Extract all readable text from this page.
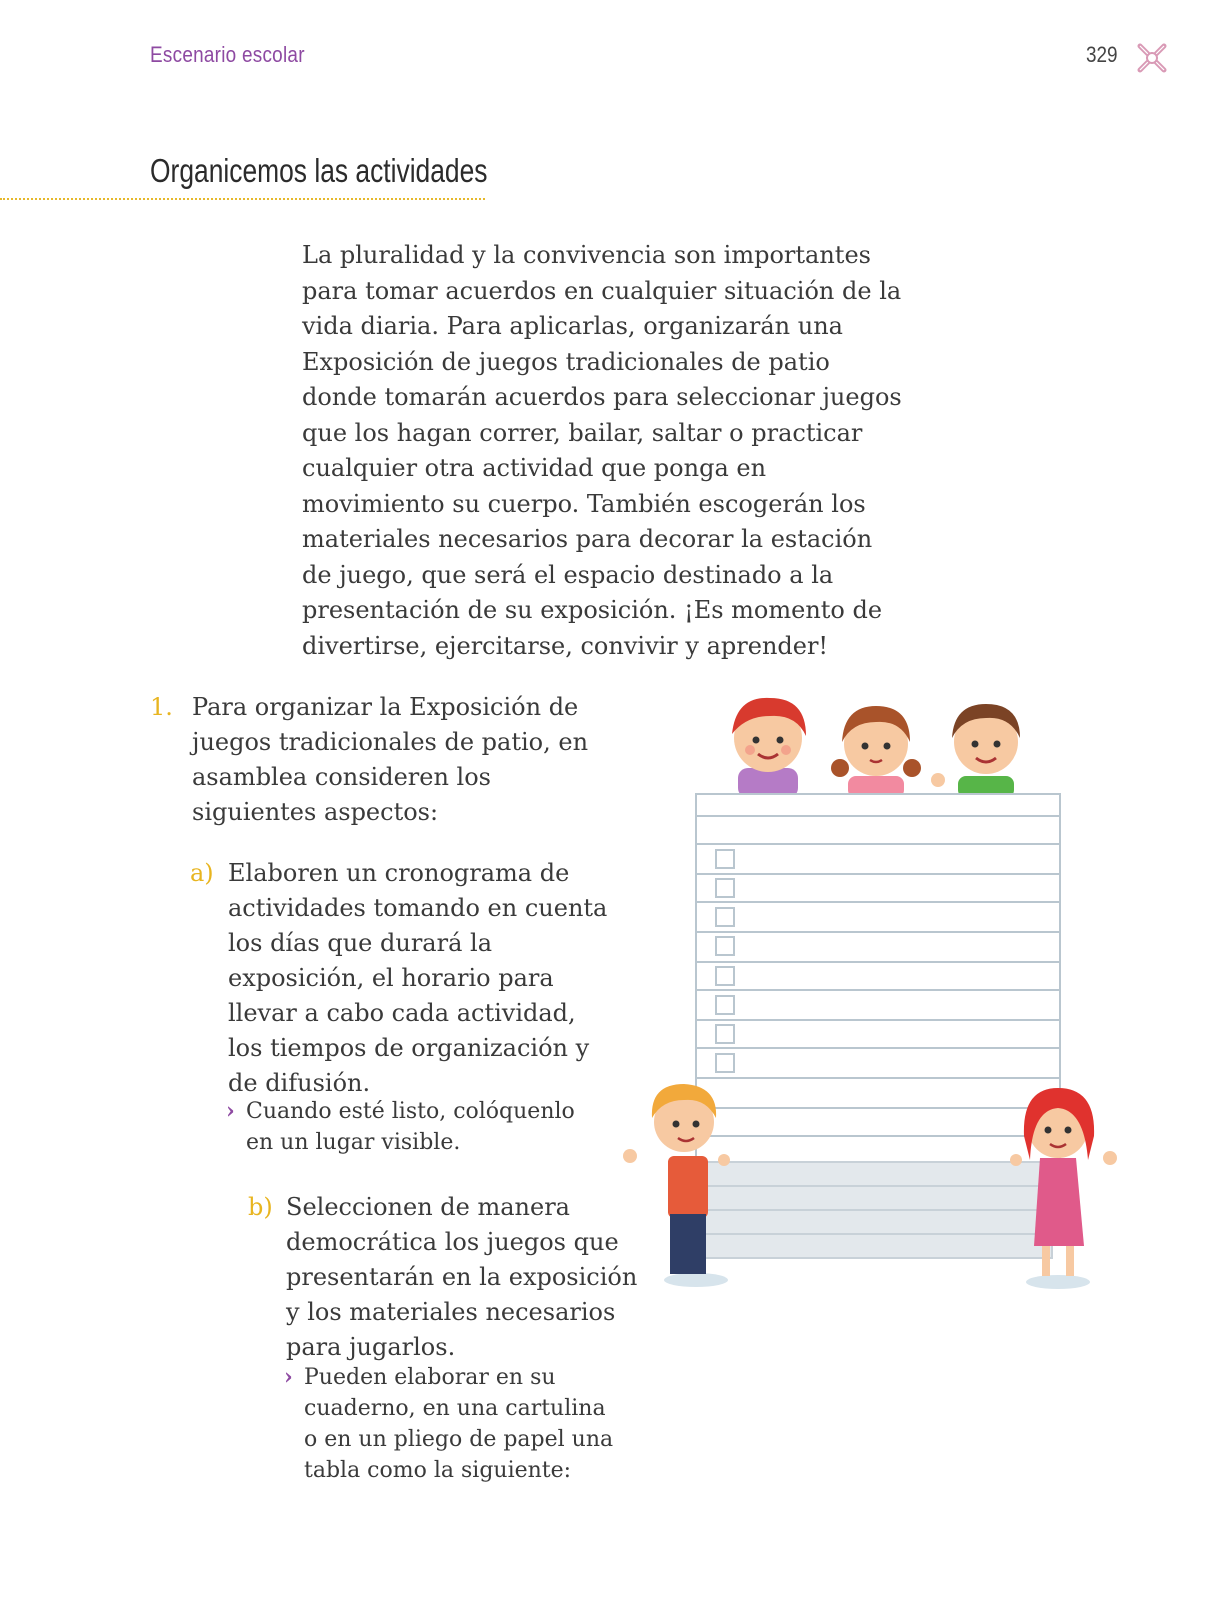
Escenario escolar	329
Organicemos las actividades

La pluralidad y la convivencia son importantes para tomar acuerdos en cualquier situación de la vida diaria. Para aplicarlas, organizarán una Exposición de juegos tradicionales de patio donde tomarán acuerdos para seleccionar juegos que los hagan correr, bailar, saltar o practicar cualquier otra actividad que ponga en movimiento su cuerpo. También escogerán los materiales necesarios para decorar la estación de juego, que será el espacio destinado a la presentación de su exposición. ¡Es momento de divertirse, ejercitarse, convivir y aprender!

1. Para organizar la Exposición de juegos tradicionales de patio, en asamblea consideren los siguientes aspectos:
a) Elaboren un cronograma de actividades tomando en cuenta los días que durará la exposición, el horario para llevar a cabo cada actividad, los tiempos de organización y de difusión.
› Cuando esté listo, colóquenlo en un lugar visible.
b) Seleccionen de manera democrática los juegos que presentarán en la exposición y los materiales necesarios para jugarlos.
› Pueden elaborar en su cuaderno, en una cartulina o en un pliego de papel una tabla como la siguiente:
